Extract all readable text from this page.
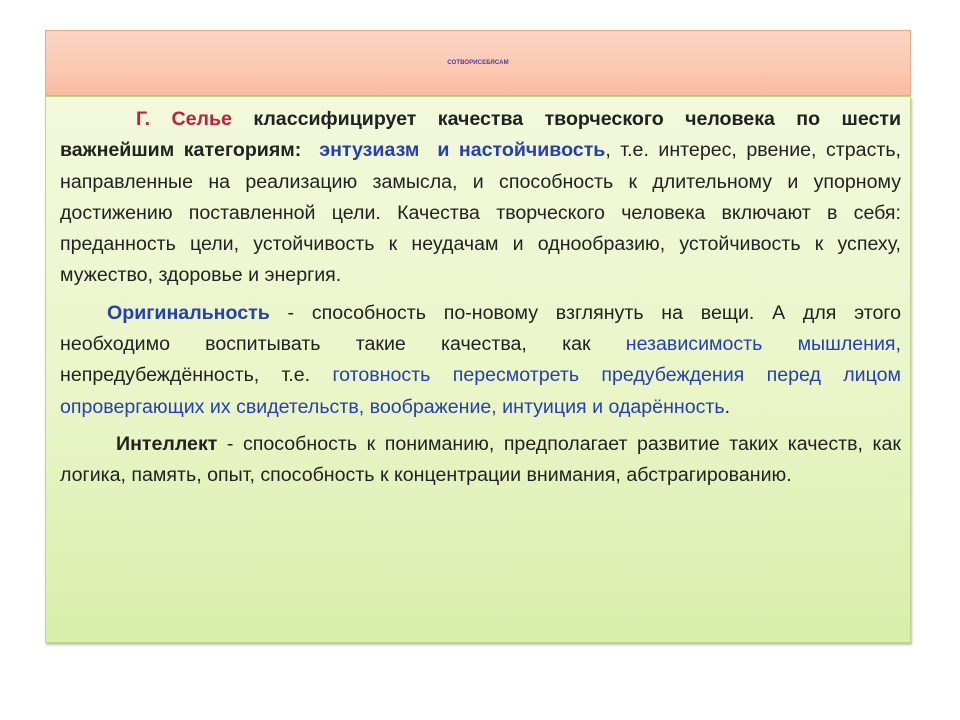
СОТВОРИСЕБЯСАМ

Г. Селье классифицирует качества творческого человека по шести важнейшим категориям: энтузиазм и настойчивость, т.е. интерес, рвение, страсть, направленные на реализацию замысла, и способность к длительному и упорному достижению поставленной цели. Качества творческого человека включают в себя: преданность цели, устойчивость к неудачам и однообразию, устойчивость к успеху, мужество, здоровье и энергия.

Оригинальность - способность по-новому взглянуть на вещи. А для этого необходимо воспитывать такие качества, как независимость мышления, непредубеждённость, т.е. готовность пересмотреть предубеждения перед лицом опровергающих их свидетельств, воображение, интуиция и одарённость.

Интеллект - способность к пониманию, предполагает развитие таких качеств, как логика, память, опыт, способность к концентрации внимания, абстрагированию.
